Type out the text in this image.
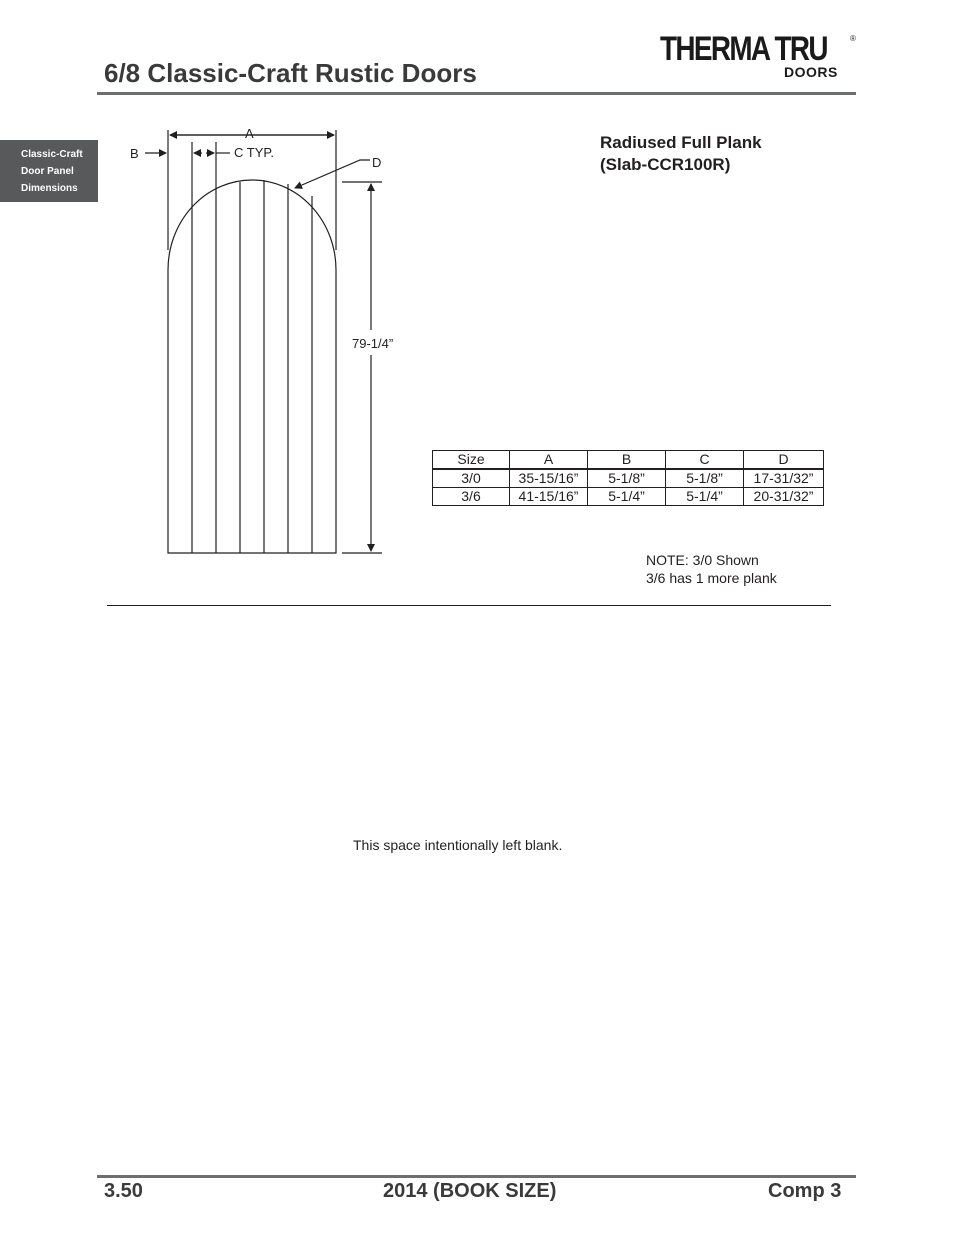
6/8 Classic-Craft Rustic Doors
THERMA TRU	®
DOORS
Classic-Craft
Door Panel
Dimensions
Radiused Full Plank
(Slab-CCR100R)
A
B	C TYP.
D
79-1/4”
Size	A	B	C	D
3/0	35-15/16”	5-1/8”	5-1/8”	17-31/32”
3/6	41-15/16”	5-1/4”	5-1/4”	20-31/32”
NOTE: 3/0 Shown
3/6 has 1 more plank
This space intentionally left blank.
3.50	2014 (BOOK SIZE)	Comp 3
